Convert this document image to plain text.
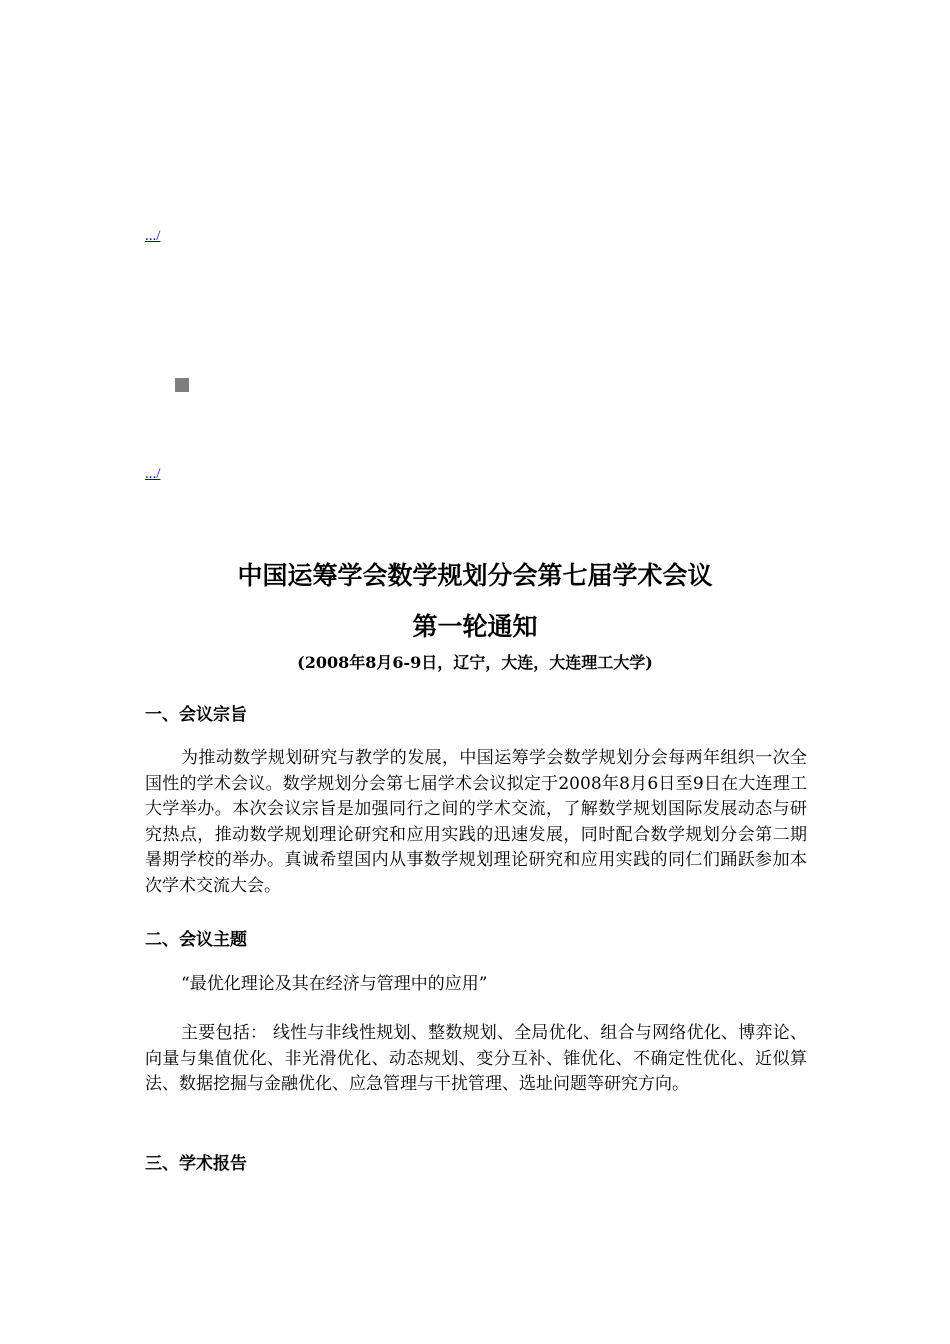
.../
.../
中国运筹学会数学规划分会第七届学术会议
第一轮通知
(2008年8月6-9日，辽宁，大连，大连理工大学)
一、会议宗旨
为推动数学规划研究与教学的发展，中国运筹学会数学规划分会每两年组织一次全国性的学术会议。数学规划分会第七届学术会议拟定于2008年8月6日至9日在大连理工大学举办。本次会议宗旨是加强同行之间的学术交流，了解数学规划国际发展动态与研究热点，推动数学规划理论研究和应用实践的迅速发展，同时配合数学规划分会第二期暑期学校的举办。真诚希望国内从事数学规划理论研究和应用实践的同仁们踊跃参加本次学术交流大会。
二、会议主题
“最优化理论及其在经济与管理中的应用”
主要包括： 线性与非线性规划、整数规划、全局优化、组合与网络优化、博弈论、向量与集值优化、非光滑优化、动态规划、变分互补、锥优化、不确定性优化、近似算法、数据挖掘与金融优化、应急管理与干扰管理、选址问题等研究方向。
三、学术报告
